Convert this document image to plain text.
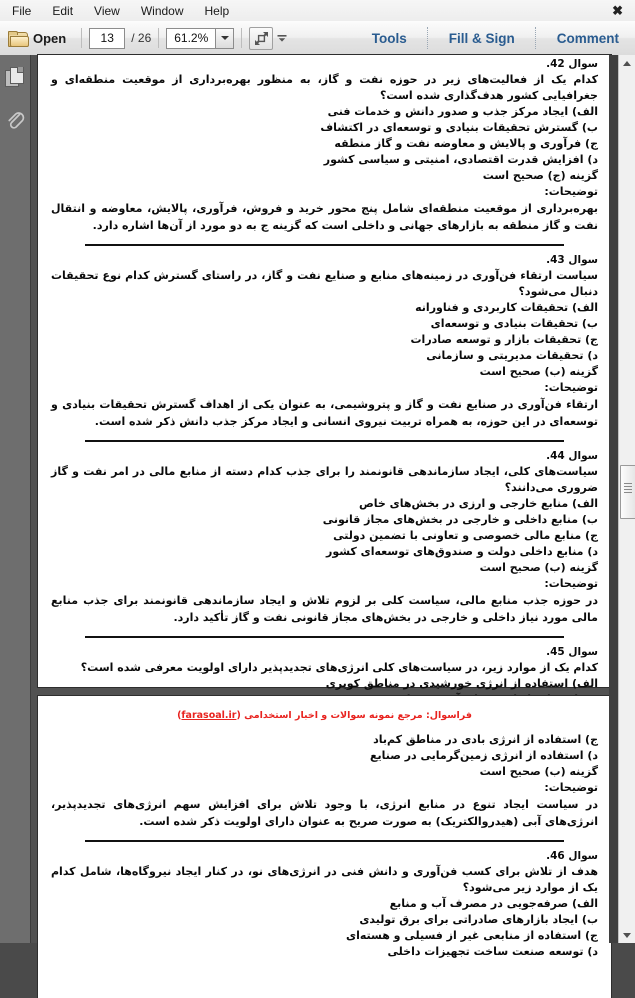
File	Edit	View	Window	Help	✖
Open	13	/ 26	61.2%	Tools	Fill & Sign	Comment
سوال 42.
کدام یک از فعالیت‌های زیر در حوزه نفت و گاز، به منظور بهره‌برداری از موقعیت منطقه‌ای و جغرافیایی کشور هدف‌گذاری شده است؟
الف) ایجاد مرکز جذب و صدور دانش و خدمات فنی
ب) گسترش تحقیقات بنیادی و توسعه‌ای در اکتشاف
ج) فرآوری و پالایش و معاوضه نفت و گاز منطقه
د) افزایش قدرت اقتصادی، امنیتی و سیاسی کشور
گزینه (ج) صحیح است
توضیحات:
بهره‌برداری از موقعیت منطقه‌ای شامل پنج محور خرید و فروش، فرآوری، پالایش، معاوضه و انتقال نفت و گاز منطقه به بازارهای جهانی و داخلی است که گزینه ج به دو مورد از آن‌ها اشاره دارد.
سوال 43.
سیاست ارتقاء فن‌آوری در زمینه‌های منابع و صنایع نفت و گاز، در راستای گسترش کدام نوع تحقیقات دنبال می‌شود؟
الف) تحقیقات کاربردی و فناورانه
ب) تحقیقات بنیادی و توسعه‌ای
ج) تحقیقات بازار و توسعه صادرات
د) تحقیقات مدیریتی و سازمانی
گزینه (ب) صحیح است
توضیحات:
ارتقاء فن‌آوری در صنایع نفت و گاز و پتروشیمی، به عنوان یکی از اهداف گسترش تحقیقات بنیادی و توسعه‌ای در این حوزه، به همراه تربیت نیروی انسانی و ایجاد مرکز جذب دانش ذکر شده است.
سوال 44.
سیاست‌های کلی، ایجاد سازماندهی قانونمند را برای جذب کدام دسته از منابع مالی در امر نفت و گاز ضروری می‌دانند؟
الف) منابع خارجی و ارزی در بخش‌های خاص
ب) منابع داخلی و خارجی در بخش‌های مجاز قانونی
ج) منابع مالی خصوصی و تعاونی با تضمین دولتی
د) منابع داخلی دولت و صندوق‌های توسعه‌ای کشور
گزینه (ب) صحیح است
توضیحات:
در حوزه جذب منابع مالی، سیاست کلی بر لزوم تلاش و ایجاد سازماندهی قانونمند برای جذب منابع مالی مورد نیاز داخلی و خارجی در بخش‌های مجاز قانونی نفت و گاز تأکید دارد.
سوال 45.
کدام یک از موارد زیر، در سیاست‌های کلی انرژی‌های تجدیدپذیر دارای اولویت معرفی شده است؟
الف) استفاده از انرژی خورشیدی در مناطق کویری
فراسوال: مرجع نمونه سوالات و اخبار استخدامی (farasoal.ir)
ج) استفاده از انرژی بادی در مناطق کم‌باد
د) استفاده از انرژی زمین‌گرمایی در صنایع
گزینه (ب) صحیح است
توضیحات:
در سیاست ایجاد تنوع در منابع انرژی، با وجود تلاش برای افزایش سهم انرژی‌های تجدیدپذیر، انرژی‌های آبی (هیدروالکتریک) به صورت صریح به عنوان دارای اولویت ذکر شده است.
سوال 46.
هدف از تلاش برای کسب فن‌آوری و دانش فنی در انرژی‌های نو، در کنار ایجاد نیروگاه‌ها، شامل کدام یک از موارد زیر می‌شود؟
الف) صرفه‌جویی در مصرف آب و منابع
ب) ایجاد بازارهای صادراتی برای برق تولیدی
ج) استفاده از منابعی غیر از فسیلی و هسته‌ای
د) توسعه صنعت ساخت تجهیزات داخلی
